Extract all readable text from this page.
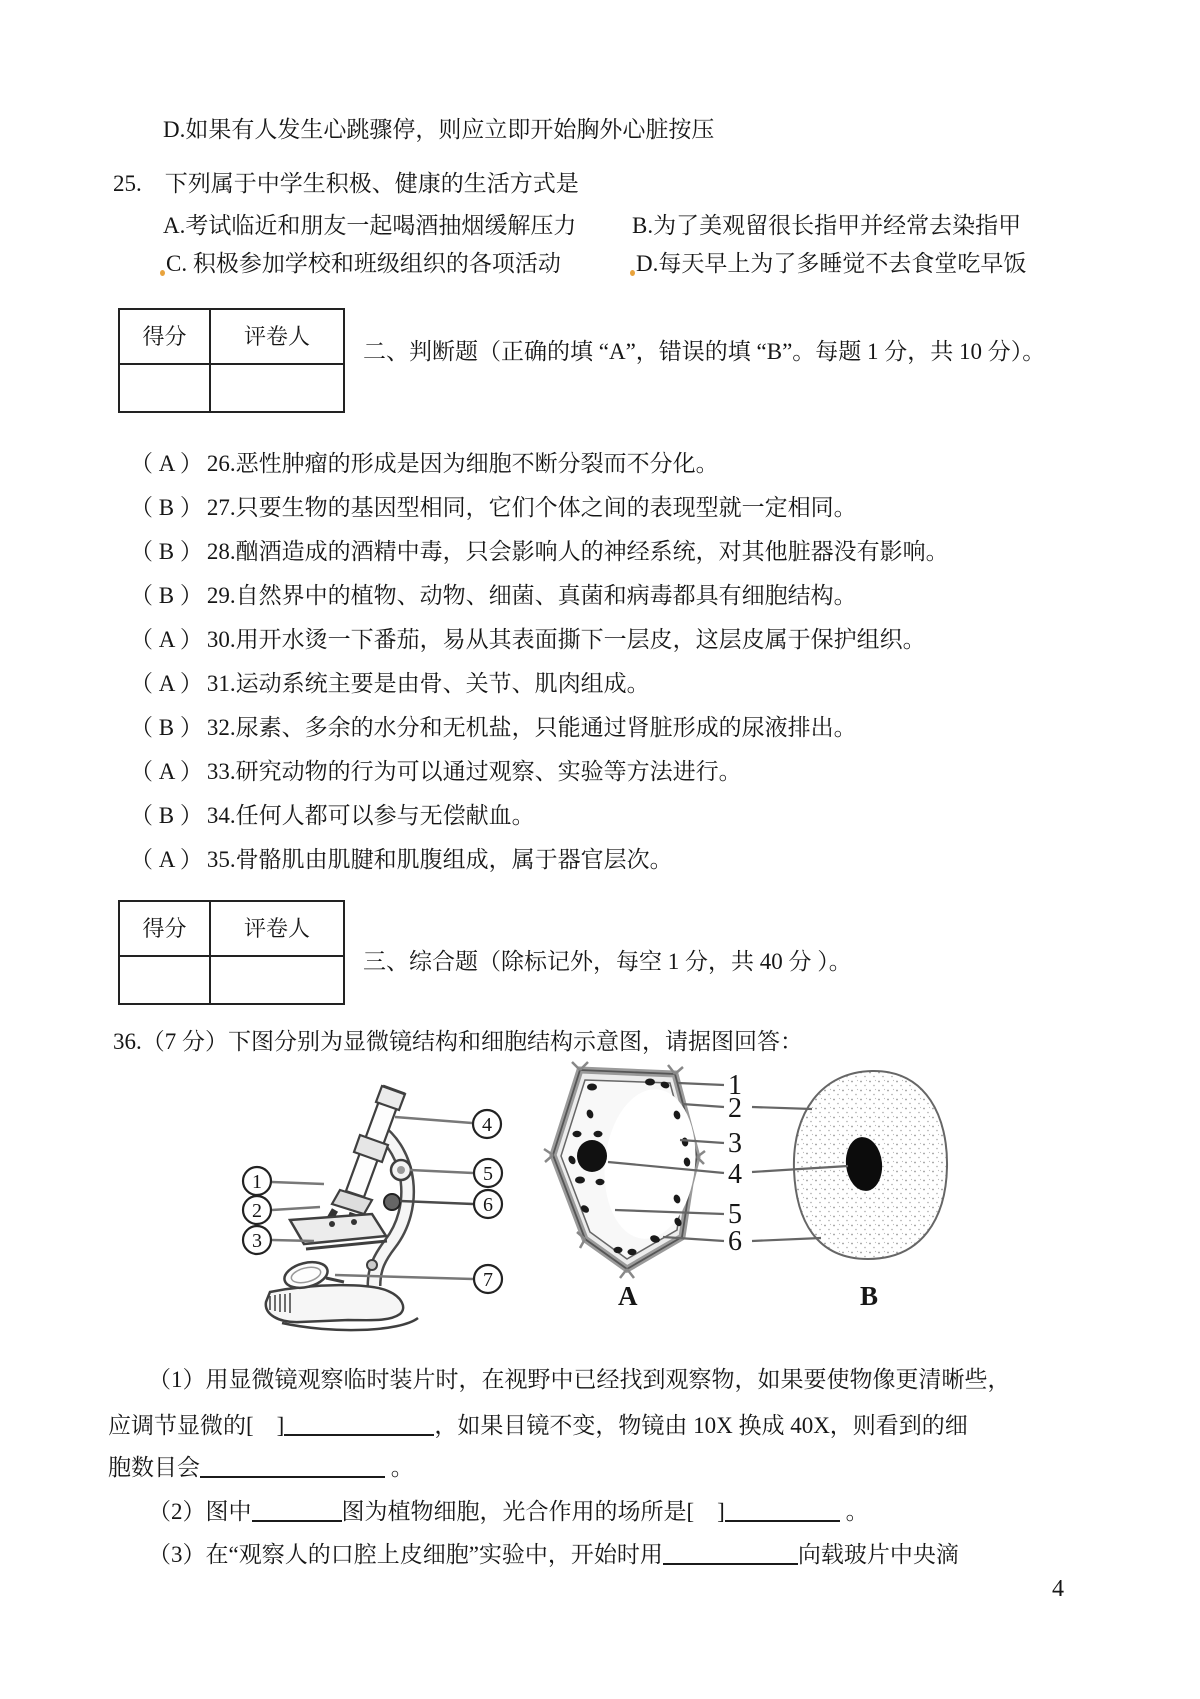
D.如果有人发生心跳骤停，则应立即开始胸外心脏按压
25.　下列属于中学生积极、健康的生活方式是
A.考试临近和朋友一起喝酒抽烟缓解压力 B.为了美观留很长指甲并经常去染指甲
C. 积极参加学校和班级组织的各项活动	D.每天早上为了多睡觉不去食堂吃早饭
得分	评卷人

二、判断题（正确的填 “A”，错误的填 “B”。每题 1 分，共 10 分）。
（ A ） 26.恶性肿瘤的形成是因为细胞不断分裂而不分化。
（ B ） 27.只要生物的基因型相同，它们个体之间的表现型就一定相同。
（ B ） 28.酗酒造成的酒精中毒，只会影响人的神经系统，对其他脏器没有影响。
（ B ） 29.自然界中的植物、动物、细菌、真菌和病毒都具有细胞结构。
（ A ） 30.用开水烫一下番茄，易从其表面撕下一层皮，这层皮属于保护组织。
（ A ） 31.运动系统主要是由骨、关节、肌肉组成。
（ B ） 32.尿素、多余的水分和无机盐，只能通过肾脏形成的尿液排出。
（ A ） 33.研究动物的行为可以通过观察、实验等方法进行。
（ B ） 34.任何人都可以参与无偿献血。
（ A ） 35.骨骼肌由肌腱和肌腹组成，属于器官层次。
得分	评卷人

三、综合题（除标记外，每空 1 分，共 40 分 ）。
36.（7 分）下图分别为显微镜结构和细胞结构示意图，请据图回答：
1
2
3
4
5
6
7
1
2
3
4
5
6
A	B
（1）用显微镜观察临时装片时，在视野中已经找到观察物，如果要使物像更清晰些，
应调节显微的[　]	，如果目镜不变，物镜由 10X 换成 40X，则看到的细
胞数目会	。
（2）图中	图为植物细胞，光合作用的场所是[　]	。
（3）在“观察人的口腔上皮细胞”实验中，开始时用	向载玻片中央滴
4
